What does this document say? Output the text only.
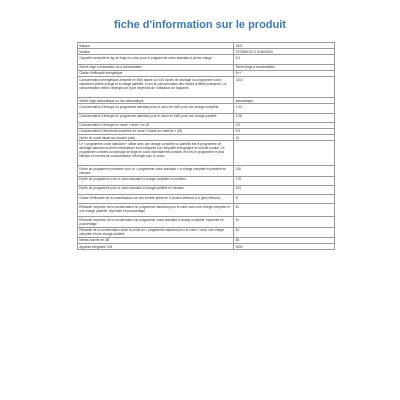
fiche d'information sur le produit
Marque	AEG
Modèle	T97582IDZCO 916099240
Capacité nominale en kg de linge en coton pour le programme coton standard à pleine charge	8,0
Sèche-linge à évacuation ou à condensation	Sèche-linge à condensation
Classe d'efficacité énergétique	A++
Consommation énergétique annuelle en kWh basée sur 160 cycles de séchage du programme coton standard à pleine charge et à charge partielle, et sur la consommation des modes à faible puissance. La consommation réelle d'énergie par cycle dépendra de l'utilisation de l'appareil.	234,7
Sèche-linge automatique ou non automatique	automatique
Consommation d'énergie du programme standard pour le coton en kWh pour une charge complète	1,93
Consommation d'énergie du programme standard pour le coton en kWh pour une charge partielle	1,08
Consommation d'énergie en mode « arrêt » en W	0,5
Consommation d'électricité pondérée en mode « laissé sur marche » (W)	0,5
Durée du mode laissé sur marche (min)	10
Le « programme coton standard » utilisé avec une charge complète ou partielle est le programme de séchage standard dont les informations sont indiquées sur l'étiquette énergétique et la fiche produit. Ce programme convient au séchage de linge en coton normalement humide, et il est le programme le plus efficace en termes de consommation d'énergie pour le coton.	
Durée du programme pondérée pour le « programme coton standard » à charge complète et partielle en minutes.	136
Durée du programme pour le coton standard à charge complète en minutes.	178
Durée du programme pour le coton standard à charge partielle en minutes.	104
Classe d'efficacité de la condensation sur une échelle allant de G (moins efficace) à A (plus efficace)	B
Efficacité moyenne de la condensation du programme standard pour le coton avec une charge complète et une charge partielle, exprimée en pourcentage	81
Efficacité moyenne de la condensation du programme coton standard à charge complète, exprimée en pourcentage	81
Efficacité de la condensation selon le poids du « programme standard pour le coton » avec une charge complète et une charge partielle	81
Niveau sonore en dB	66
Appareil intégrable O/N	NON
